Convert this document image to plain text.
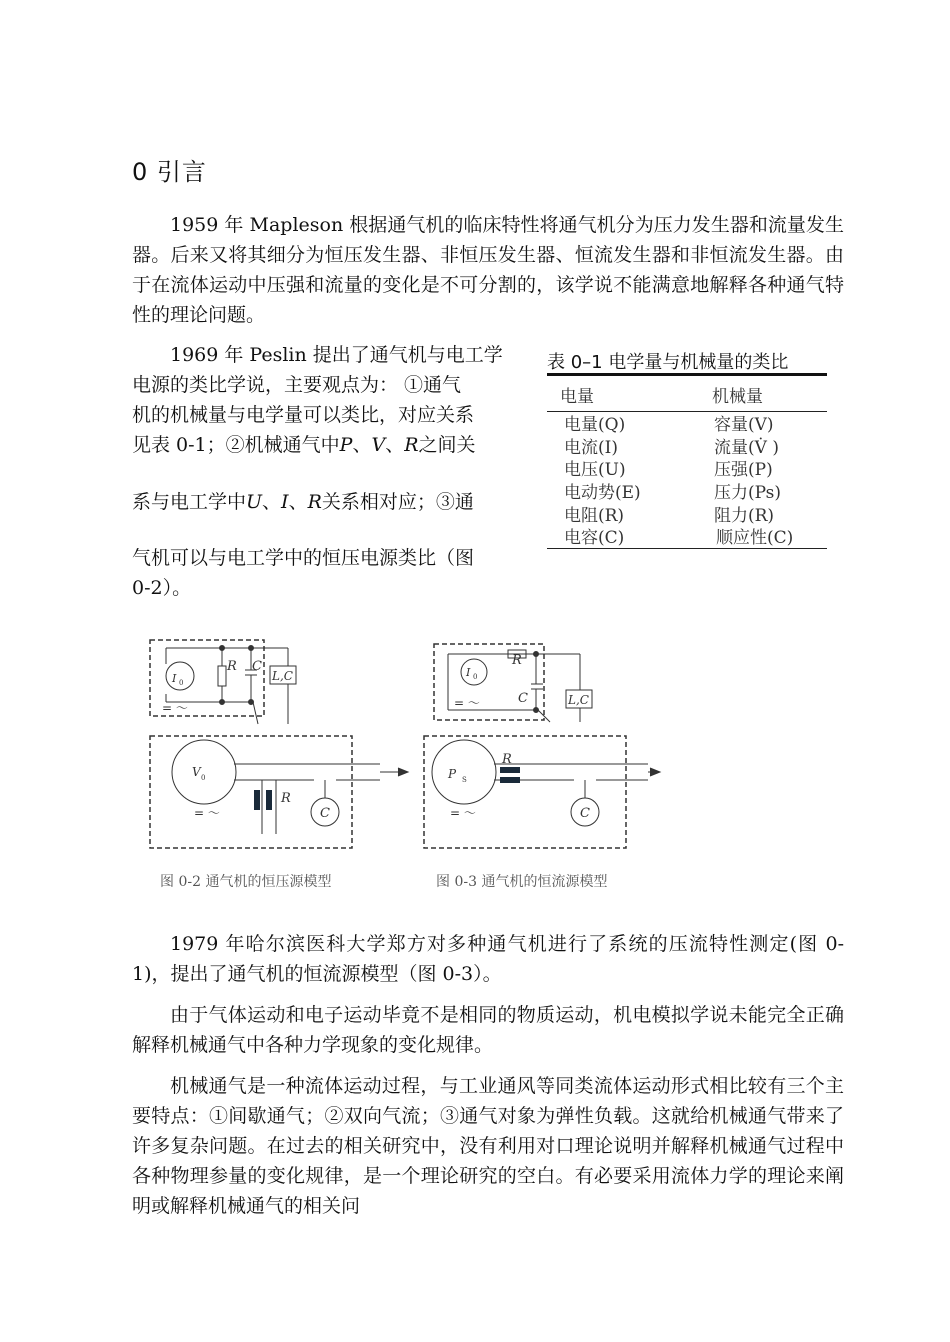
0 引言

1959 年 Mapleson 根据通气机的临床特性将通气机分为压力发生器和流量发生器。后来又将其细分为恒压发生器、非恒压发生器、恒流发生器和非恒流发生器。由于在流体运动中压强和流量的变化是不可分割的，该学说不能满意地解释各种通气特性的理论问题。

1969 年 Peslin 提出了通气机与电工学

电源的类比学说，主要观点为： ①通气

机的机械量与电学量可以类比，对应关系

见表 0-1；②机械通气中P、V、R之间关

系与电工学中U、I、R关系相对应；③通

气机可以与电工学中的恒压电源类比（图

0-2）。

表 0–1 电学量与机械量的类比
电量	机械量
电量(Q)	容量(V)
电流(I)	流量(V̇ )
电压(U)	压强(P)
电动势(E)	压力(Ps)
电阻(R)	阻力(R)
电容(C)	顺应性(C)
I 0
R C
L,C
= ～
V 0
R
C
= ～
I 0
R
C	L,C
= ～
P S
R
C
= ～
图 0-2 通气机的恒压源模型	图 0-3 通气机的恒流源模型

1979 年哈尔滨医科大学郑方对多种通气机进行了系统的压流特性测定(图 0-1)，提出了通气机的恒流源模型（图 0-3）。

由于气体运动和电子运动毕竟不是相同的物质运动，机电模拟学说未能完全正确解释机械通气中各种力学现象的变化规律。

机械通气是一种流体运动过程，与工业通风等同类流体运动形式相比较有三个主要特点：①间歇通气；②双向气流；③通气对象为弹性负载。这就给机械通气带来了许多复杂问题。在过去的相关研究中，没有利用对口理论说明并解释机械通气过程中各种物理参量的变化规律，是一个理论研究的空白。有必要采用流体力学的理论来阐明或解释机械通气的相关问
